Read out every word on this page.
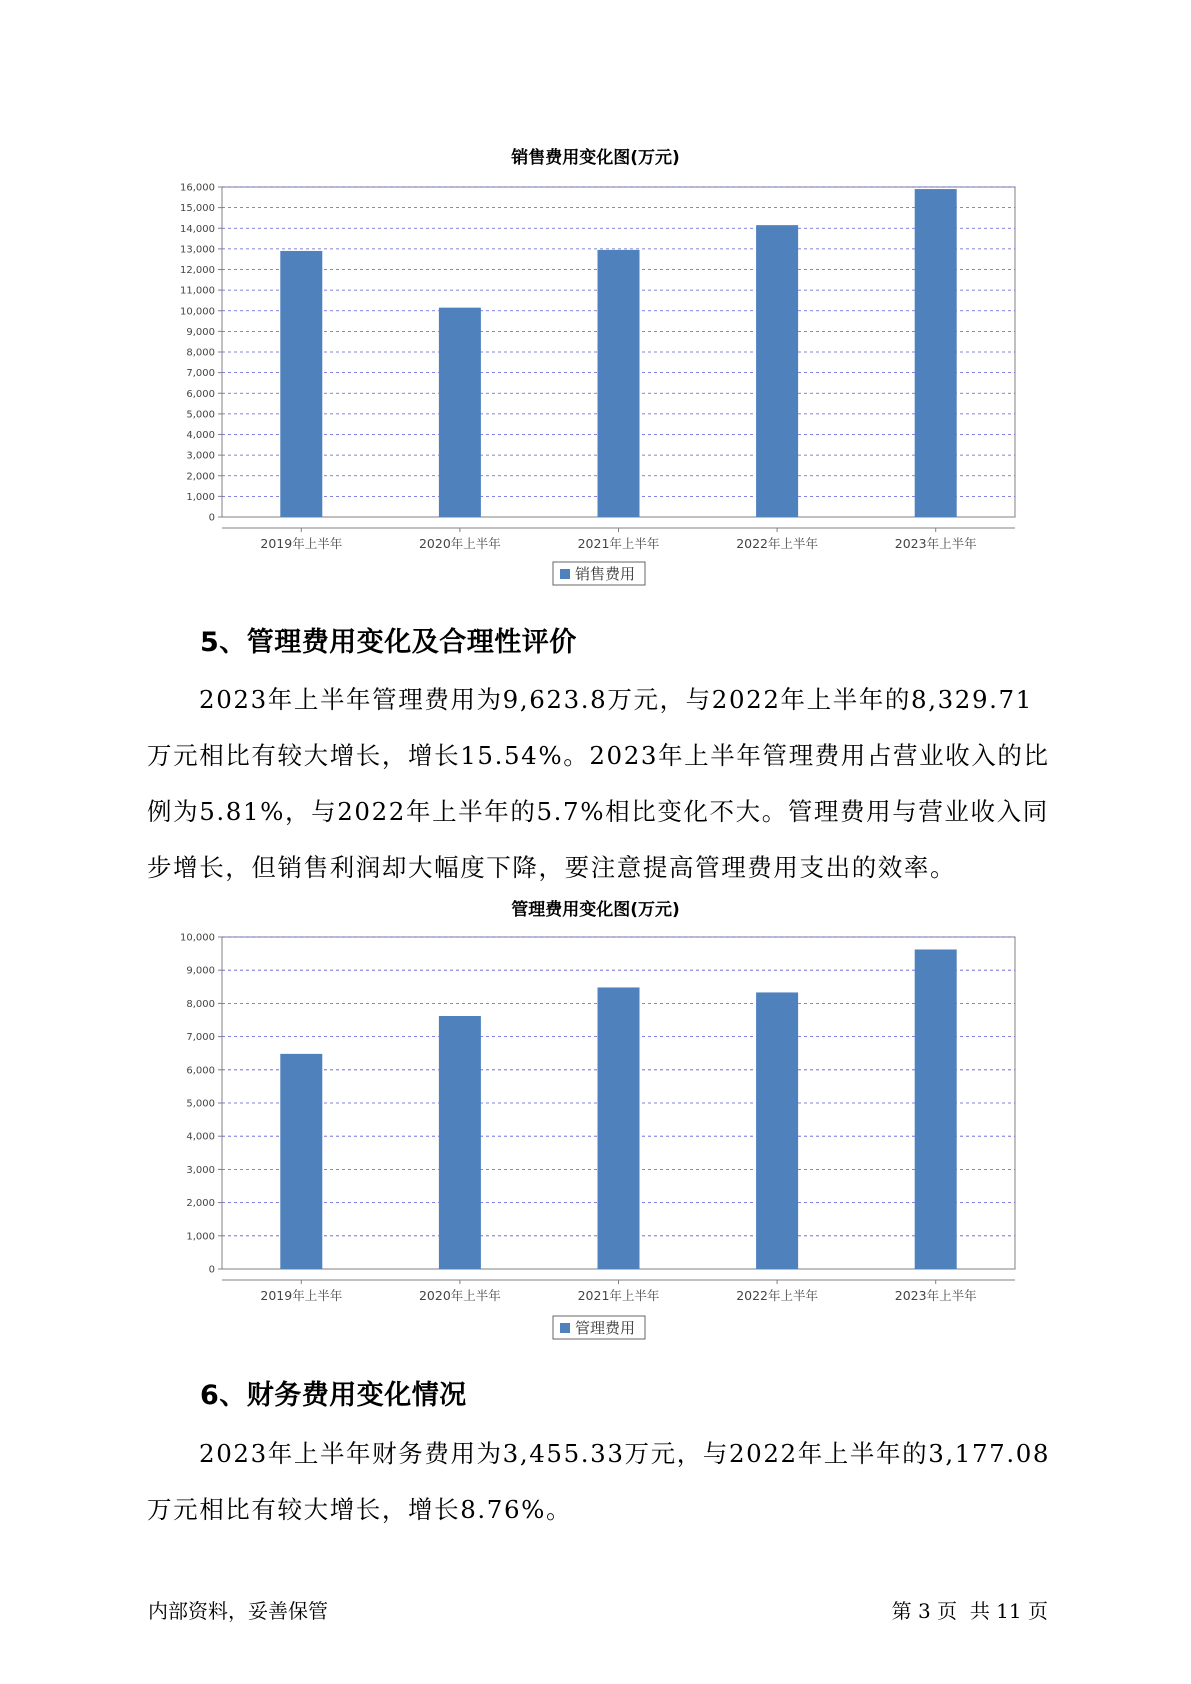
销售费用变化图(万元)
0
1,000
2,000
3,000
4,000
5,000
6,000
7,000
8,000
9,000
10,000
11,000
12,000
13,000
14,000
15,000
16,000
2019年上半年	2020年上半年	2021年上半年	2022年上半年	2023年上半年
销售费用
5、管理费用变化及合理性评价

2023年上半年管理费用为9,623.8万元，与2022年上半年的8,329.71万元相比有较大增长，增长15.54%。2023年上半年管理费用占营业收入的比例为5.81%，与2022年上半年的5.7%相比变化不大。管理费用与营业收入同步增长，但销售利润却大幅度下降，要注意提高管理费用支出的效率。

管理费用变化图(万元)
0
1,000
2,000
3,000
4,000
5,000
6,000
7,000
8,000
9,000
10,000
2019年上半年	2020年上半年	2021年上半年	2022年上半年	2023年上半年
管理费用
6、财务费用变化情况

2023年上半年财务费用为3,455.33万元，与2022年上半年的3,177.08万元相比有较大增长，增长8.76%。

内部资料，妥善保管	第 3 页  共 11 页
